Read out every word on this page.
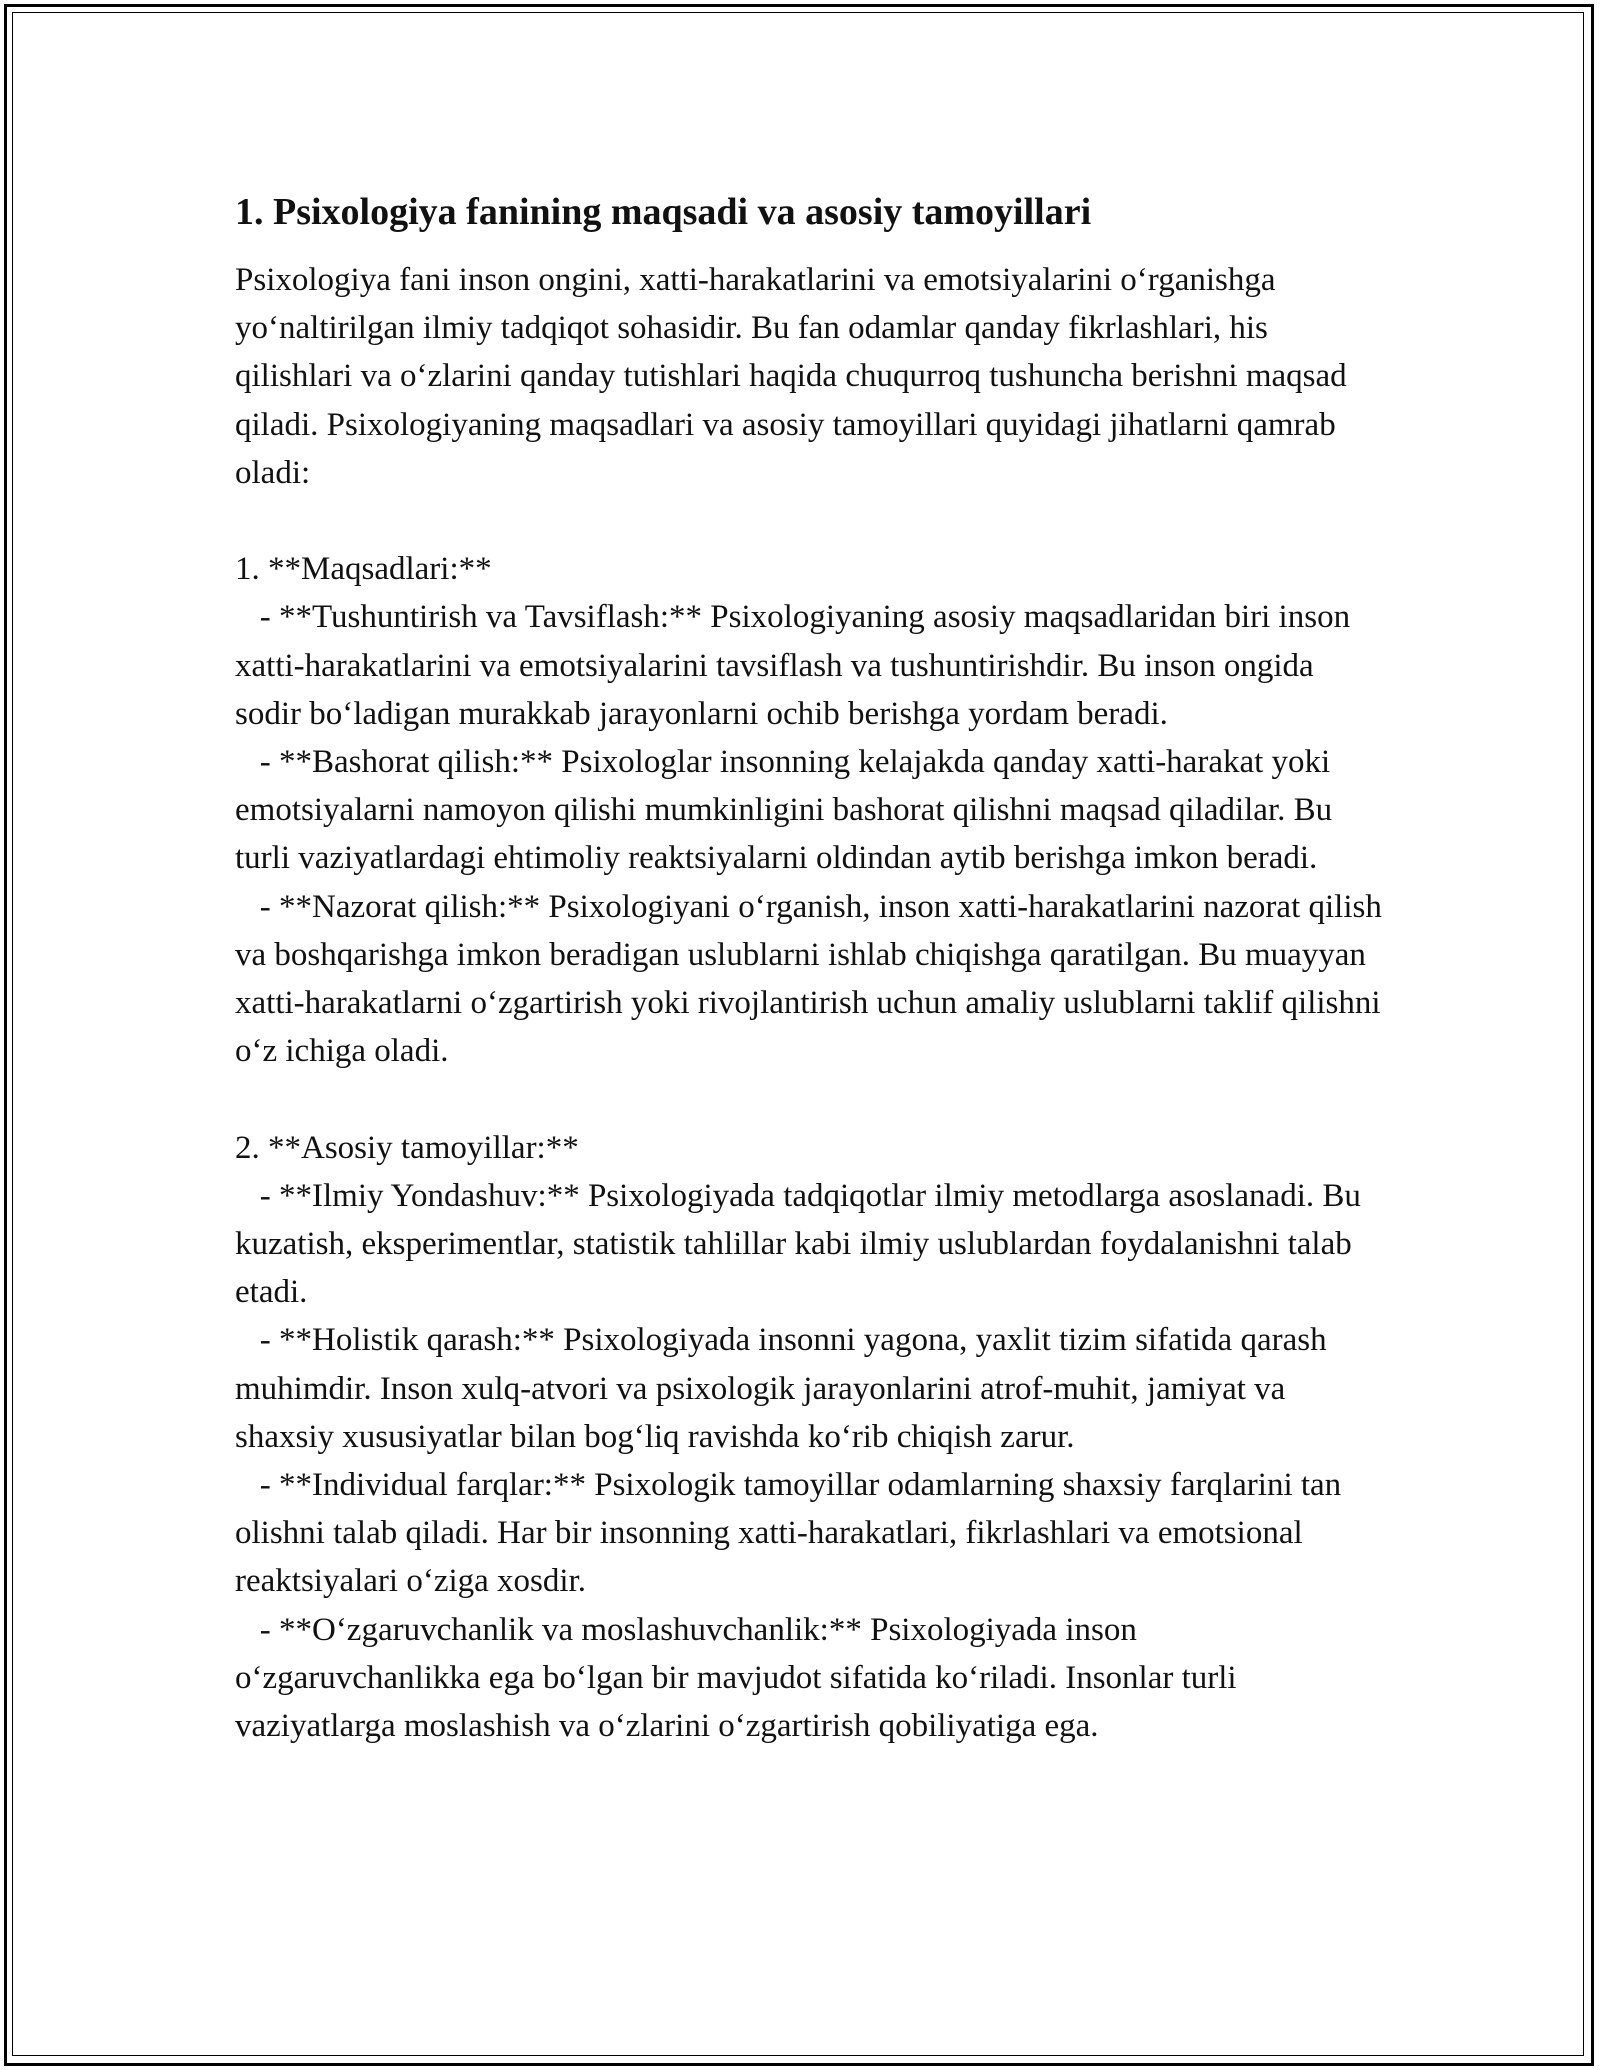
1. Psixologiya fanining maqsadi va asosiy tamoyillari

Psixologiya fani inson ongini, xatti-harakatlarini va emotsiyalarini o‘rganishga yo‘naltirilgan ilmiy tadqiqot sohasidir. Bu fan odamlar qanday fikrlashlari, his qilishlari va o‘zlarini qanday tutishlari haqida chuqurroq tushuncha berishni maqsad qiladi. Psixologiyaning maqsadlari va asosiy tamoyillari quyidagi jihatlarni qamrab oladi:

1. **Maqsadlari:**

- **Tushuntirish va Tavsiflash:** Psixologiyaning asosiy maqsadlaridan biri inson xatti-harakatlarini va emotsiyalarini tavsiflash va tushuntirishdir. Bu inson ongida sodir bo‘ladigan murakkab jarayonlarni ochib berishga yordam beradi.

- **Bashorat qilish:** Psixologlar insonning kelajakda qanday xatti-harakat yoki emotsiyalarni namoyon qilishi mumkinligini bashorat qilishni maqsad qiladilar. Bu turli vaziyatlardagi ehtimoliy reaktsiyalarni oldindan aytib berishga imkon beradi.

- **Nazorat qilish:** Psixologiyani o‘rganish, inson xatti-harakatlarini nazorat qilish va boshqarishga imkon beradigan uslublarni ishlab chiqishga qaratilgan. Bu muayyan xatti-harakatlarni o‘zgartirish yoki rivojlantirish uchun amaliy uslublarni taklif qilishni o‘z ichiga oladi.

2. **Asosiy tamoyillar:**

- **Ilmiy Yondashuv:** Psixologiyada tadqiqotlar ilmiy metodlarga asoslanadi. Bu kuzatish, eksperimentlar, statistik tahlillar kabi ilmiy uslublardan foydalanishni talab etadi.

- **Holistik qarash:** Psixologiyada insonni yagona, yaxlit tizim sifatida qarash muhimdir. Inson xulq-atvori va psixologik jarayonlarini atrof-muhit, jamiyat va shaxsiy xususiyatlar bilan bog‘liq ravishda ko‘rib chiqish zarur.

- **Individual farqlar:** Psixologik tamoyillar odamlarning shaxsiy farqlarini tan olishni talab qiladi. Har bir insonning xatti-harakatlari, fikrlashlari va emotsional reaktsiyalari o‘ziga xosdir.

- **O‘zgaruvchanlik va moslashuvchanlik:** Psixologiyada inson o‘zgaruvchanlikka ega bo‘lgan bir mavjudot sifatida ko‘riladi. Insonlar turli vaziyatlarga moslashish va o‘zlarini o‘zgartirish qobiliyatiga ega.
